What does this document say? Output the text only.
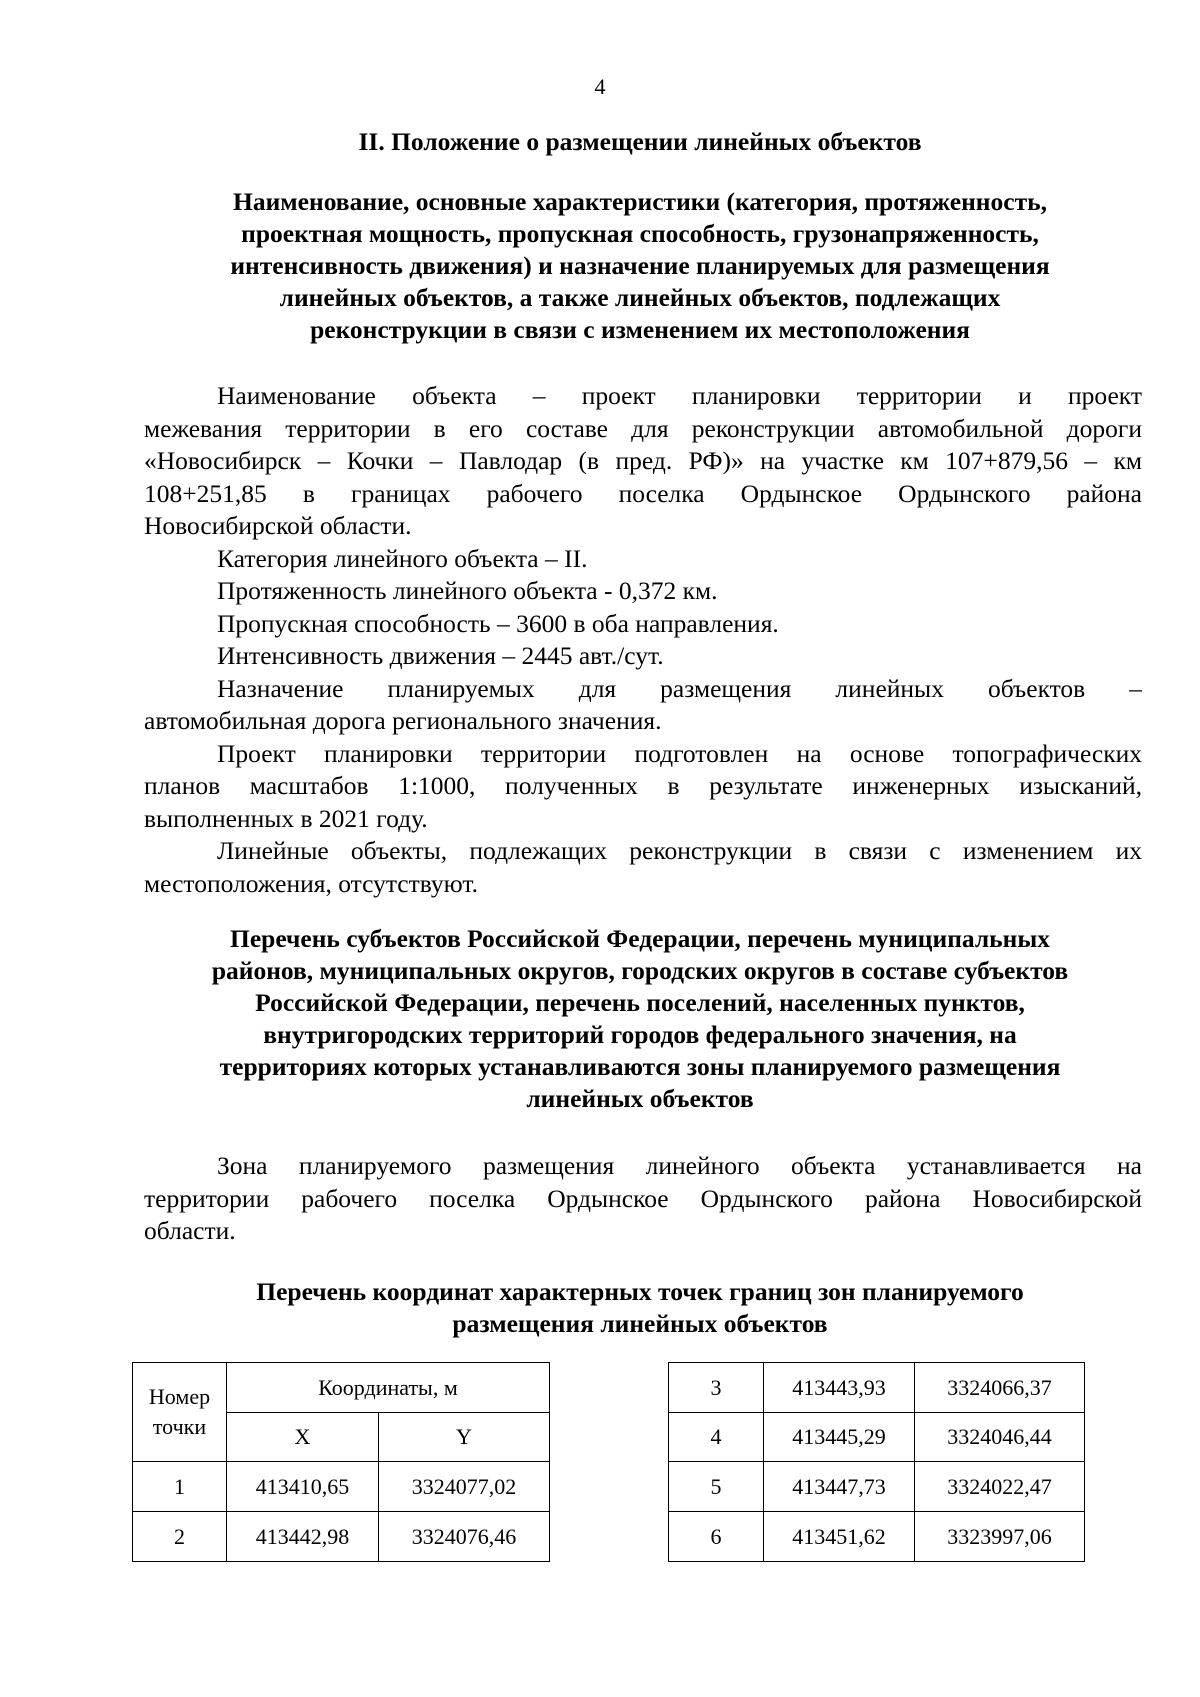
4
II. Положение о размещении линейных объектов
Наименование, основные характеристики (категория, протяженность,
проектная мощность, пропускная способность, грузонапряженность,
интенсивность движения) и назначение планируемых для размещения
линейных объектов, а также линейных объектов, подлежащих
реконструкции в связи с изменением их местоположения
Наименование объекта – проект планировки территории и проект
межевания территории в его составе для реконструкции автомобильной дороги
«Новосибирск – Кочки – Павлодар (в пред. РФ)» на участке км 107+879,56 – км
108+251,85 в границах рабочего поселка Ордынское Ордынского района
Новосибирской области.
Категория линейного объекта – II.
Протяженность линейного объекта - 0,372 км.
Пропускная способность – 3600 в оба направления.
Интенсивность движения – 2445 авт./сут.
Назначение планируемых для размещения линейных объектов –
автомобильная дорога регионального значения.
Проект планировки территории подготовлен на основе топографических
планов масштабов 1:1000, полученных в результате инженерных изысканий,
выполненных в 2021 году.
Линейные объекты, подлежащих реконструкции в связи с изменением их
местоположения, отсутствуют.
Перечень субъектов Российской Федерации, перечень муниципальных
районов, муниципальных округов, городских округов в составе субъектов
Российской Федерации, перечень поселений, населенных пунктов,
внутригородских территорий городов федерального значения, на
территориях которых устанавливаются зоны планируемого размещения
линейных объектов
Зона планируемого размещения линейного объекта устанавливается на
территории рабочего поселка Ордынское Ордынского района Новосибирской
области.
Перечень координат характерных точек границ зон планируемого
размещения линейных объектов
Номер точки	Координаты, м	
	X	Y
1	413410,65	3324077,02
2	413442,98	3324076,46
3	413443,93	3324066,37
4	413445,29	3324046,44
5	413447,73	3324022,47
6	413451,62	3323997,06
